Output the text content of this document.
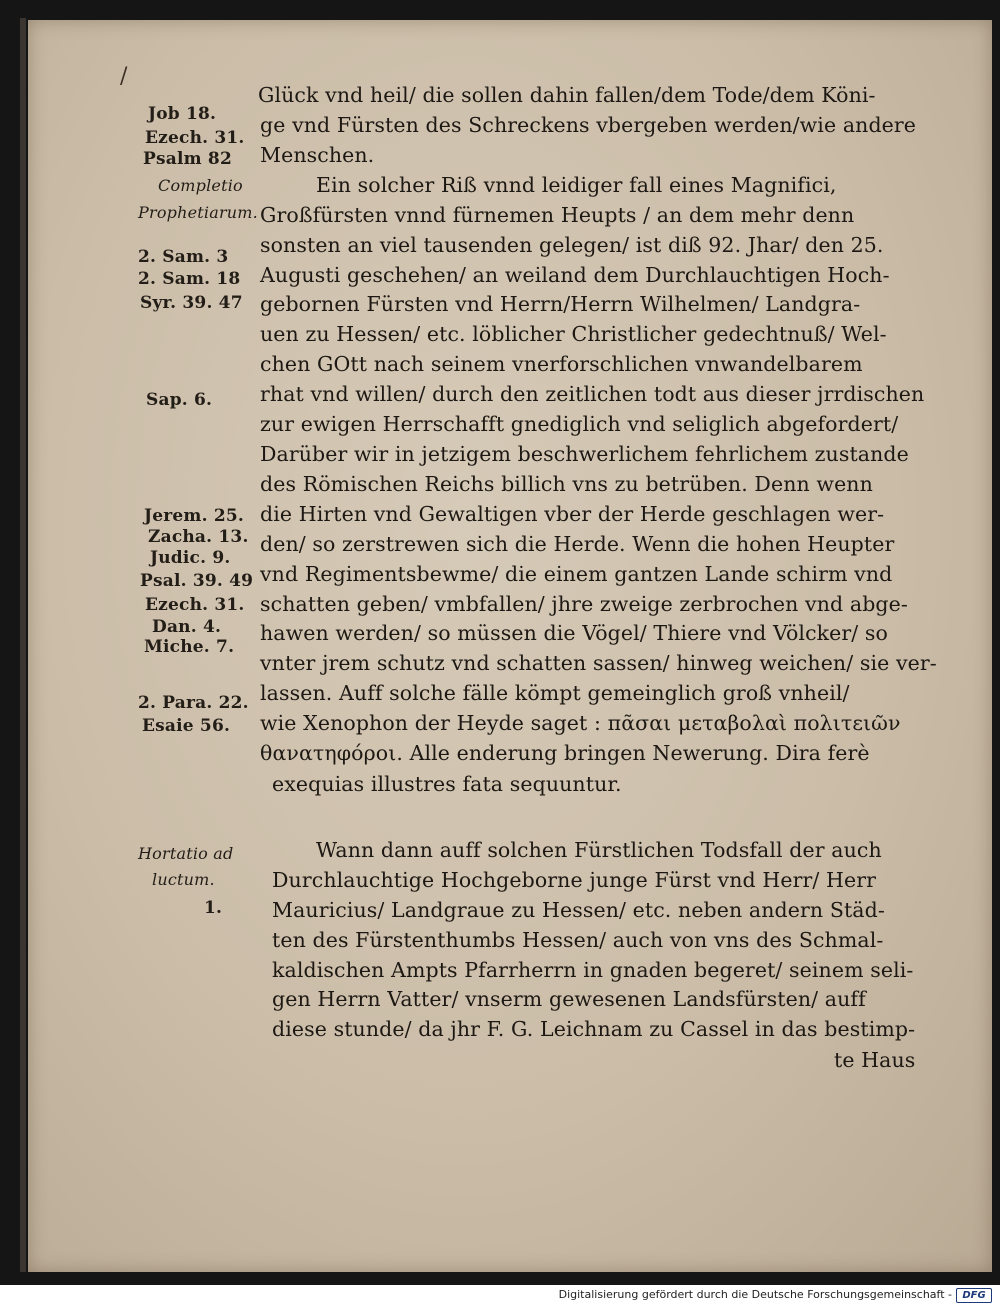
/
Job 18.
Ezech. 31.
Psalm 82
Completio
Prophetiarum.
2. Sam. 3
2. Sam. 18
Syr. 39. 47
Sap. 6.
Jerem. 25.
Zacha. 13.
Judic. 9.
Psal. 39. 49
Ezech. 31.
Dan. 4.
Miche. 7.
2. Para. 22.
Esaie 56.
Hortatio ad
luctum.
1.
Glück vnd heil/ die sollen dahin fallen/dem Tode/dem Köni-
ge vnd Fürsten des Schreckens vbergeben werden/wie andere
Menschen.
Ein solcher Riß vnnd leidiger fall eines Magnifici,
Großfürsten vnnd fürnemen Heupts / an dem mehr denn
sonsten an viel tausenden gelegen/ ist diß 92. Jhar/ den 25.
Augusti geschehen/ an weiland dem Durchlauchtigen Hoch-
gebornen Fürsten vnd Herrn/Herrn Wilhelmen/ Landgra-
uen zu Hessen/ etc. löblicher Christlicher gedechtnuß/ Wel-
chen GOtt nach seinem vnerforschlichen vnwandelbarem
rhat vnd willen/ durch den zeitlichen todt aus dieser jrrdischen
zur ewigen Herrschafft gnediglich vnd seliglich abgefordert/
Darüber wir in jetzigem beschwerlichem fehrlichem zustande
des Römischen Reichs billich vns zu betrüben. Denn wenn
die Hirten vnd Gewaltigen vber der Herde geschlagen wer-
den/ so zerstrewen sich die Herde. Wenn die hohen Heupter
vnd Regimentsbewme/ die einem gantzen Lande schirm vnd
schatten geben/ vmbfallen/ jhre zweige zerbrochen vnd abge-
hawen werden/ so müssen die Vögel/ Thiere vnd Völcker/ so
vnter jrem schutz vnd schatten sassen/ hinweg weichen/ sie ver-
lassen. Auff solche fälle kömpt gemeinglich groß vnheil/
wie Xenophon der Heyde saget : πᾶσαι μεταβολαὶ πολιτειῶν
θανατηφόροι. Alle enderung bringen Newerung. Dira ferè
exequias illustres fata sequuntur.
Wann dann auff solchen Fürstlichen Todsfall der auch
Durchlauchtige Hochgeborne junge Fürst vnd Herr/ Herr
Mauricius/ Landgraue zu Hessen/ etc. neben andern Städ-
ten des Fürstenthumbs Hessen/ auch von vns des Schmal-
kaldischen Ampts Pfarrherrn in gnaden begeret/ seinem seli-
gen Herrn Vatter/ vnserm gewesenen Landsfürsten/ auff
diese stunde/ da jhr F. G. Leichnam zu Cassel in das bestimp-
te Haus
Digitalisierung gefördert durch die Deutsche Forschungsgemeinschaft -	DFG
